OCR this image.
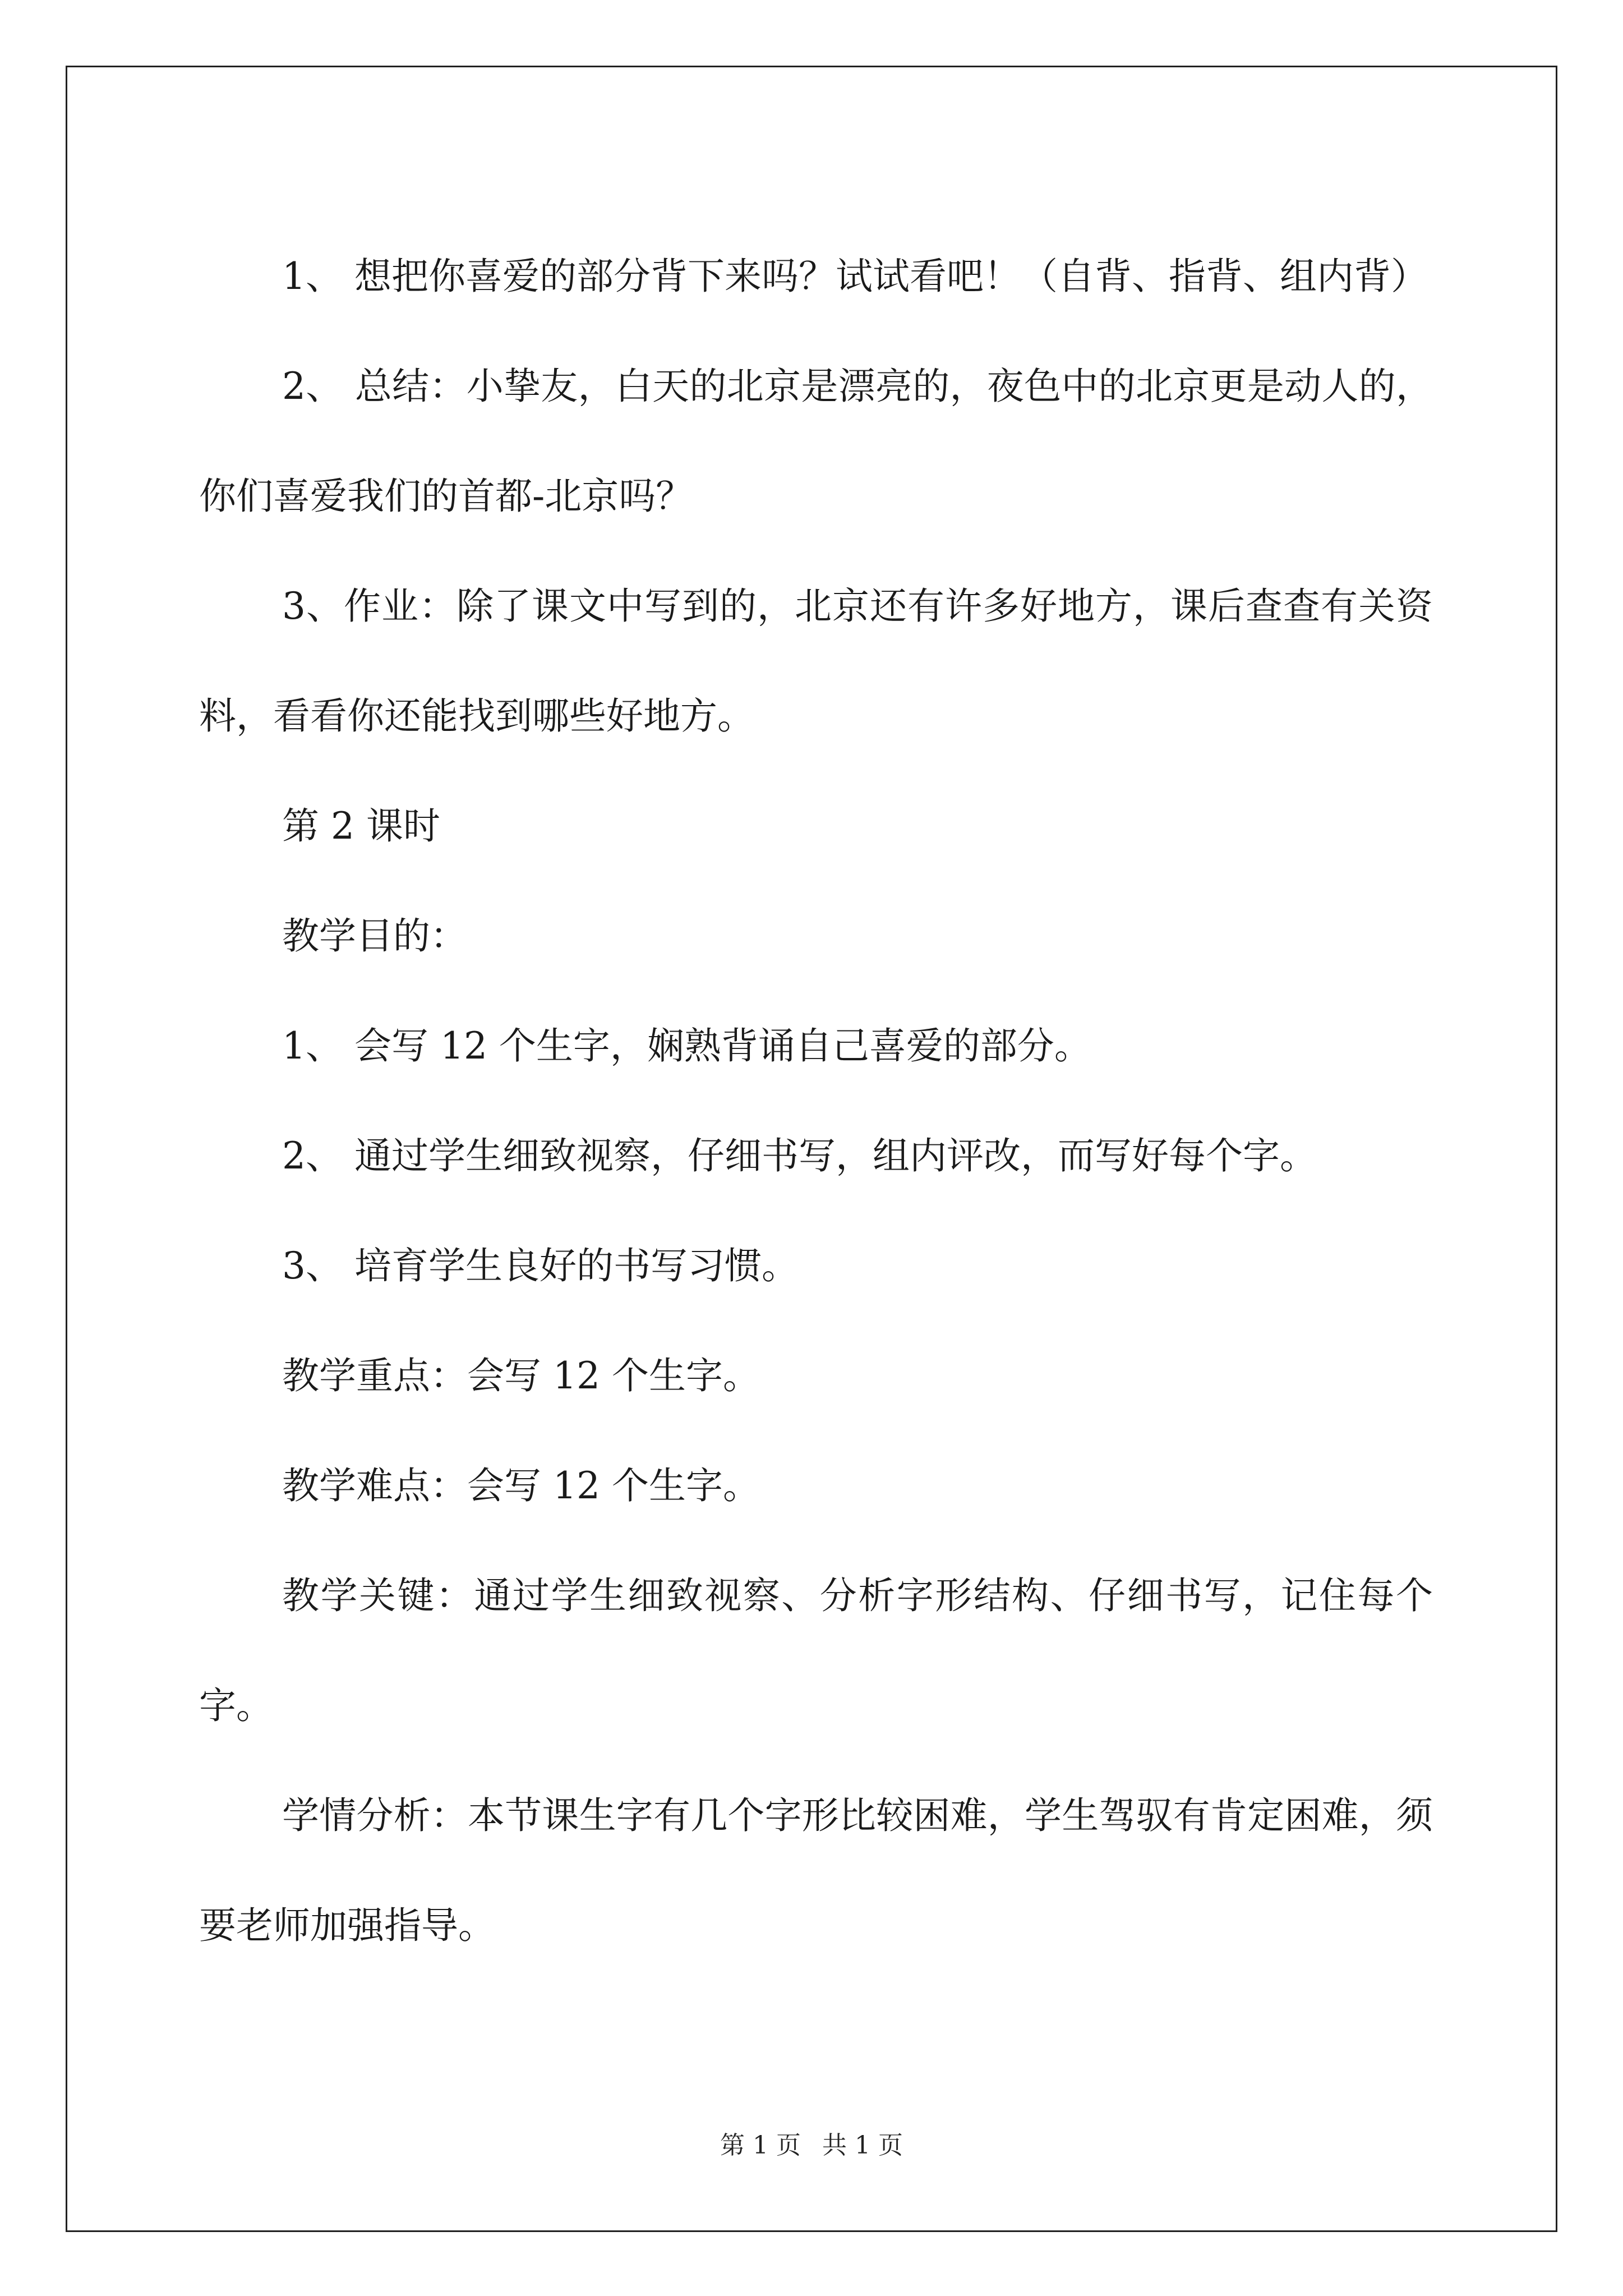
1、 想把你喜爱的部分背下来吗？试试看吧！（自背、指背、组内背）

2、 总结：小挚友，白天的北京是漂亮的，夜色中的北京更是动人的，你们喜爱我们的首都-北京吗？

3、作业：除了课文中写到的，北京还有许多好地方，课后查查有关资料，看看你还能找到哪些好地方。

第 2 课时

教学目的：

1、 会写 12 个生字，娴熟背诵自己喜爱的部分。

2、 通过学生细致视察，仔细书写，组内评改，而写好每个字。

3、 培育学生良好的书写习惯。

教学重点：会写 12 个生字。

教学难点：会写 12 个生字。

教学关键：通过学生细致视察、分析字形结构、仔细书写，记住每个字。

学情分析：本节课生字有几个字形比较困难，学生驾驭有肯定困难，须要老师加强指导。

第 1 页 共 1 页
